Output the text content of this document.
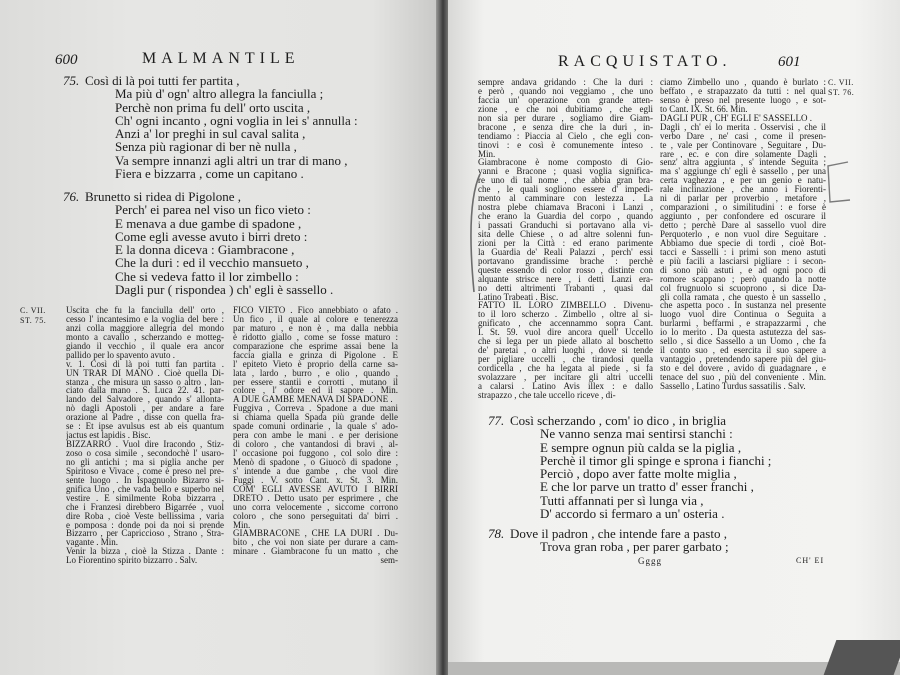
600	MALMANTILE
75. Così di là poi tutti fer partita ,
Ma più d' ogn' altro allegra la fanciulla ;
Perchè non prima fu dell' orto uscita ,
Ch' ogni incanto , ogni voglia in lei s' annulla :
Anzi a' lor preghi in sul caval salita ,
Senza più ragionar di ber nè nulla ,
Va sempre innanzi agli altri un trar di mano ,
Fiera e bizzarra , come un capitano .
76. Brunetto si ridea di Pigolone ,
Perch' ei parea nel viso un fico vieto :
E menava a due gambe di spadone ,
Come egli avesse avuto i birri dreto :
E la donna diceva : Giambracone ,
Che la duri : ed il vecchio mansueto ,
Che si vedeva fatto il lor zimbello :
Dagli pur ( rispondea ) ch' egli è sassello .
C. VII.
ST. 75.
Uscita che fu la fanciulla dell' orto ,
cesso l' incantesimo e la voglia del bere :
anzi colla maggiore allegria del mondo
monto a cavallo , scherzando e motteg-
giando il vecchio , il quale era ancor
pallido per lo spavento avuto .
v. 1. Così di là poi tutti fan partita .
UN TRAR DI MANO . Cioè quella Di-
stanza , che misura un sasso o altro , lan-
ciato dalla mano . S. Luca 22. 41. par-
lando del Salvadore , quando s' allonta-
nò dagli Apostoli , per andare a fare
orazione al Padre , disse con quella fra-
se : Et ipse avulsus est ab eis quantum
jactus est lapidis . Bisc.
BIZZARRO . Vuol dire Iracondo , Stiz-
zoso o cosa simile , secondochè l' usaro-
no gli antichi ; ma si piglia anche per
Spiritoso e Vivace , come è preso nel pre-
sente luogo . In Ispagnuolo Bizarro si-
gnifica Uno , che vada bello e superbo nel
vestire . E similmente Roba bizzarra ,
che i Franzesi direbbero Bigarrée , vuol
dire Roba , cioè Veste bellissima , varia
e pomposa : donde poi da noi si prende
Bizzarro , per Capriccioso , Strano , Stra-
vagante . Min.
Venir la bizza , cioè la Stizza . Dante :
Lo Fiorentino spirito bizzarro . Salv.
FICO VIETO . Fico annebbiato o afato .
Un fico , il quale al colore e tenerezza
par maturo , e non è , ma dalla nebbia
è ridotto giallo , come se fosse maturo :
comparazione che esprime assai bene la
faccia gialla e grinza di Pigolone . E
l' epiteto Vieto è proprio della carne sa-
lata , lardo , burro , e olio , quando ,
per essere stantii e corrotti , mutano il
colore , l' odore ed il sapore . Min.
A DUE GAMBE MENAVA DI SPADONE .
Fuggiva , Correva . Spadone a due mani
si chiama quella Spada più grande delle
spade comuni ordinarie , la quale s' ado-
pera con ambe le mani . e per derisione
di coloro , che vantandosi di bravi , al-
l' occasione poi fuggono , col solo dire :
Menò di spadone , o Giuocò di spadone ,
s' intende a due gambe , che vuol dire
Fuggì . V. sotto Cant. x. St. 3. Min.
COM' EGLI AVESSE AVUTO I BIRRI
DRETO . Detto usato per esprimere , che
uno corra velocemente , siccome corrono
coloro , che sono perseguitati da' birri .
Min.
GIAMBRACONE , CHE LA DURI . Du-
bito , che voi non siate per durare a cam-
minare . Giambracone fu un matto , che
sem-
RACQUISTATO.	601
sempre andava gridando : Che la duri :
e però , quando noi veggiamo , che uno
faccia un' operazione con grande atten-
zione , e che noi dubitiamo , che egli
non sia per durare , sogliamo dire Giam-
bracone , e senza dire che la duri , in-
tendiamo : Piaccia al Cielo , che egli con-
tinovi : e così è comunemente inteso .
Min.
Giambracone è nome composto di Gio-
vanni e Bracone ; quasi voglia significa-
re uno di tal nome , che abbia gran bra-
che , le quali sogliono essere d' impedi-
mento al camminare con lestezza . La
nostra plebe chiamava Braconi i Lanzi ,
che erano la Guardia del corpo , quando
i passati Granduchi si portavano alla vi-
sita delle Chiese , o ad altre solenni fun-
zioni per la Città : ed erano parimente
la Guardia de' Reali Palazzi , perch' essi
portavano grandissime brache : perchè
queste essendo di color rosso , distinte con
alquante strisce nere , i detti Lanzi era-
no detti altrimenti Trabanti , quasi dal
Latino Trabeati . Bisc.
FATTO IL LORO ZIMBELLO . Divenu-
to il loro scherzo . Zimbello , oltre al si-
gnificato , che accennammo sopra Cant.
I. St. 59. vuol dire ancora quell' Uccello
che si lega per un piede allato al boschetto
de' paretai , o altri luoghi , dove si tende
per pigliare uccelli , che tirandosi quella
cordicella , che ha legata al piede , si fa
svolazzare , per incitare gli altri uccelli
a calarsi . Latino Avis illex : e dallo
strapazzo , che tale uccello riceve , di-
ciamo Zimbello uno , quando è burlato :
beffato , e strapazzato da tutti : nel qual
senso è preso nel presente luogo , e sot-
to Cant. IX. St. 66. Min.
DAGLI PUR , CH' EGLI E' SASSELLO .
Dagli , ch' ei lo merita . Osservisi , che il
verbo Dare , ne' casi , come il presen-
te , vale per Continovare , Seguitare , Du-
rare , ec. e con dire solamente Dagli ,
senz' altra aggiunta , s' intende Seguita ;
ma s' aggiunge ch' egli è sassello , per una
certa vaghezza , e per un genio e natu-
rale inclinazione , che anno i Fiorenti-
ni di parlar per proverbio , metafore ,
comparazioni , o similitudini : e forse è
aggiunto , per confondere ed oscurare il
detto ; perchè Dare al sassello vuol dire
Perquoterlo , e non vuol dire Seguitare .
Abbiamo due specie di tordi , cioè Bot-
tacci e Sasselli : i primi son meno astuti
e più facili a lasciarsi pigliare : i secon-
di sono più astuti , e ad ogni poco di
romore scappano ; però quando la notte
col frugnuolo si scuoprono , si dice Da-
gli colla ramata , che questo è un sassello ,
che aspetta poco . In sustanza nel presente
luogo vuol dire Continua o Seguita a
burlarmi , beffarmi , e strapazzarmi , che
io lo merito . Da questa astutezza del sas-
sello , si dice Sassello a un Uomo , che fa
il conto suo , ed esercita il suo sapere a
vantaggio , pretendendo sapere più del giu-
sto e del dovere , avido di guadagnare , e
tenace del suo , più del conveniente . Min.
Sassello , Latino Turdus sassatilis . Salv.
C. VII.
ST. 76.
77. Così scherzando , com' io dico , in briglia
Ne vanno senza mai sentirsi stanchi :
E sempre ognun più calda se la piglia ,
Perchè il timor gli spinge e sprona i fianchi ;
Perciò , dopo aver fatte molte miglia ,
E che lor parve un tratto d' esser franchi ,
Tutti affannati per sì lunga via ,
D' accordo si fermaro a un' osteria .
78. Dove il padron , che intende fare a pasto ,
Trova gran roba , per parer garbato ;
Gggg	CH' EI
